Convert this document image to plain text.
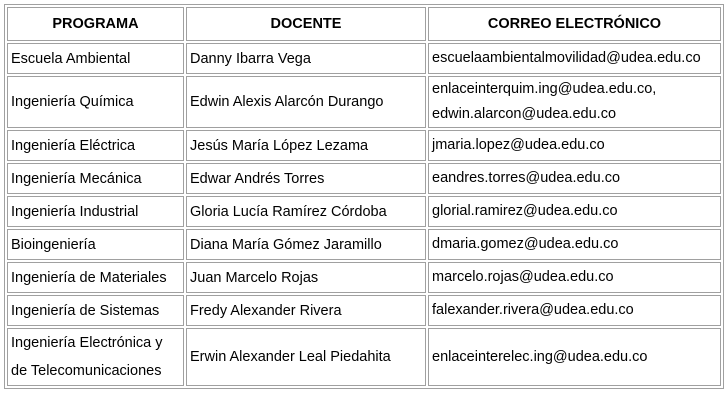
PROGRAMA	DOCENTE	CORREO ELECTRÓNICO
Escuela Ambiental	Danny Ibarra Vega	escuelaambientalmovilidad@udea.edu.co

Ingeniería Química	Edwin Alexis Alarcón Durango	enlaceinterquim.ing@udea.edu.co,
edwin.alarcon@udea.edu.co

Ingeniería Eléctrica	Jesús María López Lezama	jmaria.lopez@udea.edu.co

Ingeniería Mecánica	Edwar Andrés Torres	eandres.torres@udea.edu.co

Ingeniería Industrial	Gloria Lucía Ramírez Córdoba	glorial.ramirez@udea.edu.co

Bioingeniería	Diana María Gómez Jaramillo	dmaria.gomez@udea.edu.co

Ingeniería de Materiales	Juan Marcelo Rojas	marcelo.rojas@udea.edu.co

Ingeniería de Sistemas	Fredy Alexander Rivera	falexander.rivera@udea.edu.co

Ingeniería Electrónica y de Telecomunicaciones	Erwin Alexander Leal Piedahita	enlaceinterelec.ing@udea.edu.co
